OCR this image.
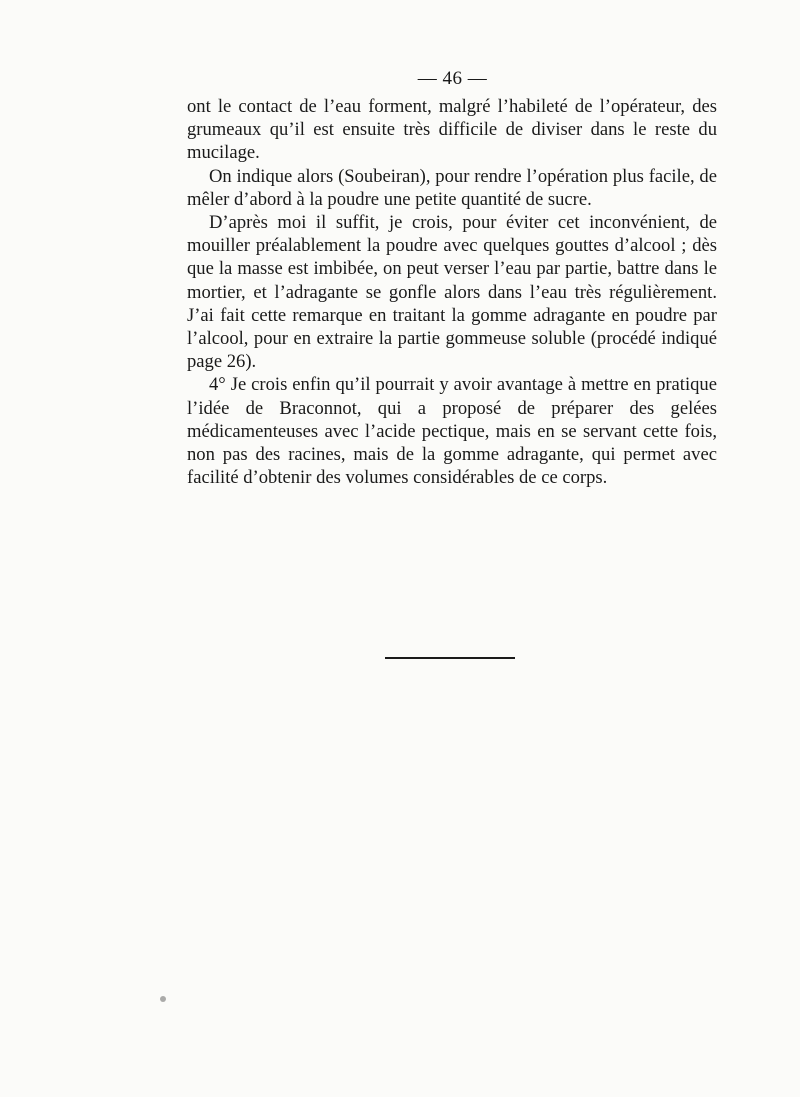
— 46 —

ont le contact de l’eau forment, malgré l’habileté de l’opérateur, des grumeaux qu’il est ensuite très difficile de diviser dans le reste du mucilage.

On indique alors (Soubeiran), pour rendre l’opération plus facile, de mêler d’abord à la poudre une petite quantité de sucre.

D’après moi il suffit, je crois, pour éviter cet inconvénient, de mouiller préalablement la poudre avec quelques gouttes d’alcool ; dès que la masse est imbibée, on peut verser l’eau par partie, battre dans le mortier, et l’adragante se gonfle alors dans l’eau très régulièrement. J’ai fait cette remarque en traitant la gomme adragante en poudre par l’alcool, pour en extraire la partie gommeuse soluble (procédé indiqué page 26).

4° Je crois enfin qu’il pourrait y avoir avantage à mettre en pratique l’idée de Braconnot, qui a proposé de préparer des gelées médicamenteuses avec l’acide pectique, mais en se servant cette fois, non pas des racines, mais de la gomme adragante, qui permet avec facilité d’obtenir des volumes considérables de ce corps.
